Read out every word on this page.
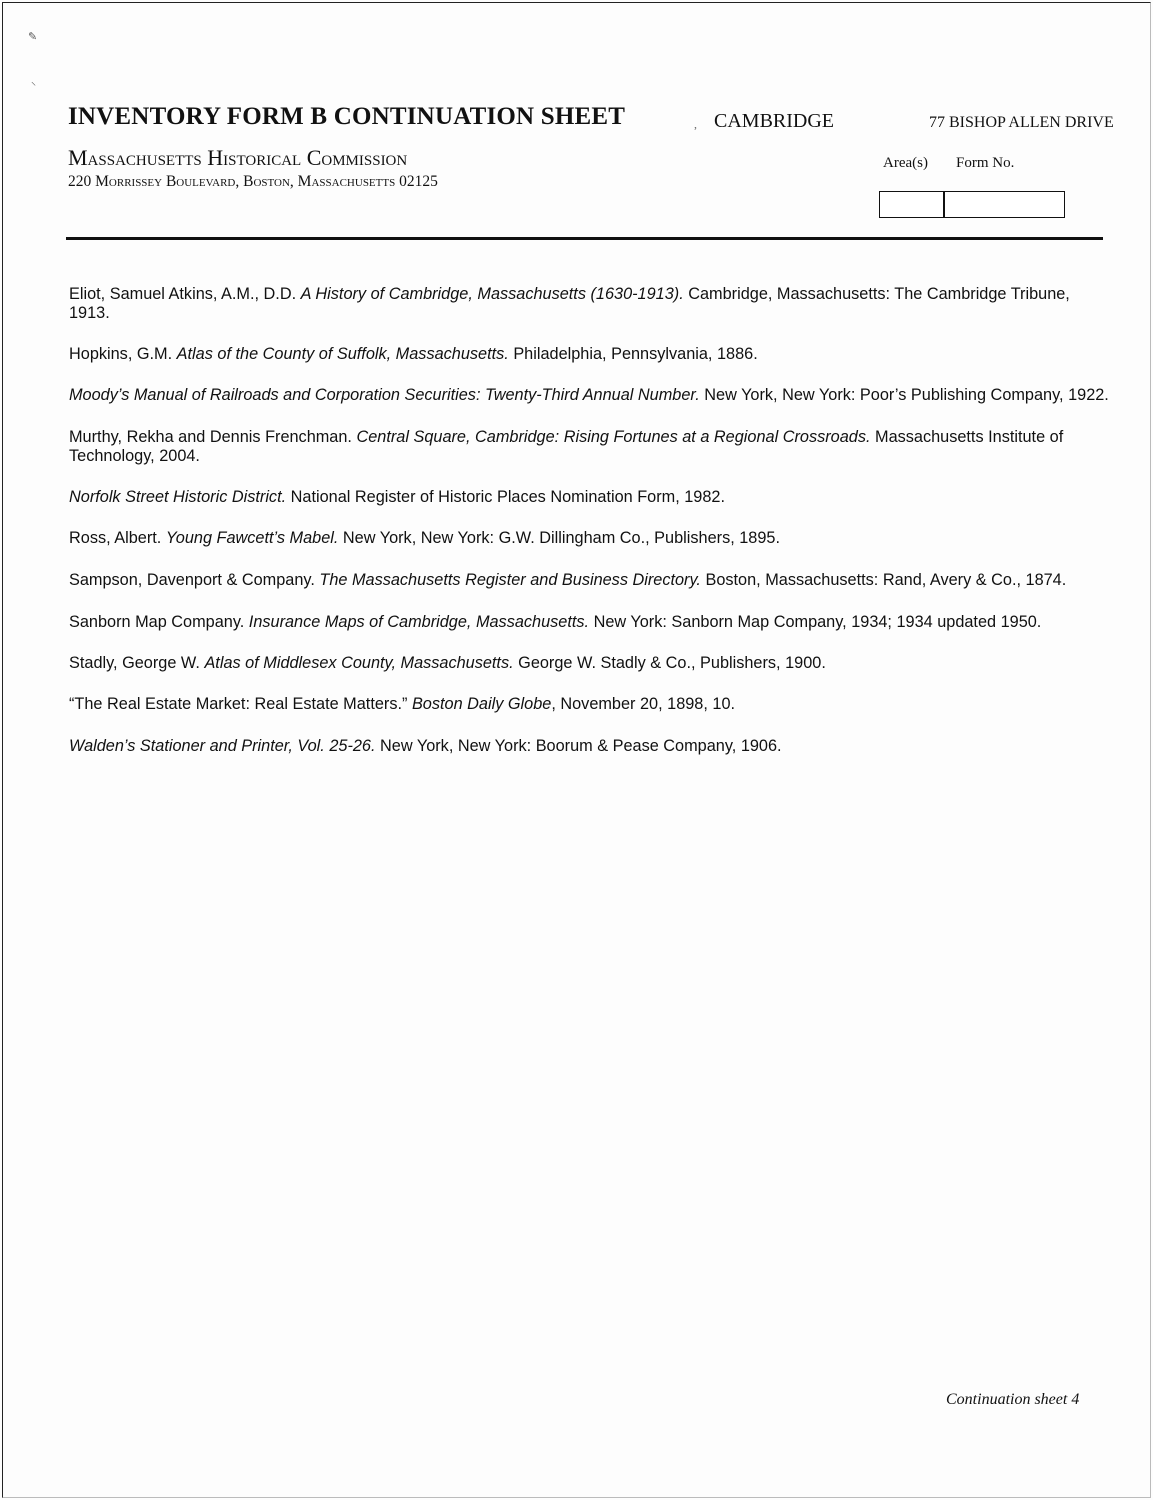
✎
⸌
INVENTORY FORM B CONTINUATION SHEET	, CAMBRIDGE	77 BISHOP ALLEN DRIVE
Massachusetts Historical Commission
220 Morrissey Boulevard, Boston, Massachusetts 02125
Area(s) Form No.

Eliot, Samuel Atkins, A.M., D.D. A History of Cambridge, Massachusetts (1630-1913). Cambridge, Massachusetts: The Cambridge Tribune, 1913.

Hopkins, G.M. Atlas of the County of Suffolk, Massachusetts. Philadelphia, Pennsylvania, 1886.

Moody’s Manual of Railroads and Corporation Securities: Twenty-Third Annual Number. New York, New York: Poor’s Publishing Company, 1922.

Murthy, Rekha and Dennis Frenchman. Central Square, Cambridge: Rising Fortunes at a Regional Crossroads. Massachusetts Institute of Technology, 2004.

Norfolk Street Historic District. National Register of Historic Places Nomination Form, 1982.

Ross, Albert. Young Fawcett’s Mabel. New York, New York: G.W. Dillingham Co., Publishers, 1895.

Sampson, Davenport & Company. The Massachusetts Register and Business Directory. Boston, Massachusetts: Rand, Avery & Co., 1874.

Sanborn Map Company. Insurance Maps of Cambridge, Massachusetts. New York: Sanborn Map Company, 1934; 1934 updated 1950.

Stadly, George W. Atlas of Middlesex County, Massachusetts. George W. Stadly & Co., Publishers, 1900.

“The Real Estate Market: Real Estate Matters.” Boston Daily Globe, November 20, 1898, 10.

Walden’s Stationer and Printer, Vol. 25-26. New York, New York: Boorum & Pease Company, 1906.

Continuation sheet 4
